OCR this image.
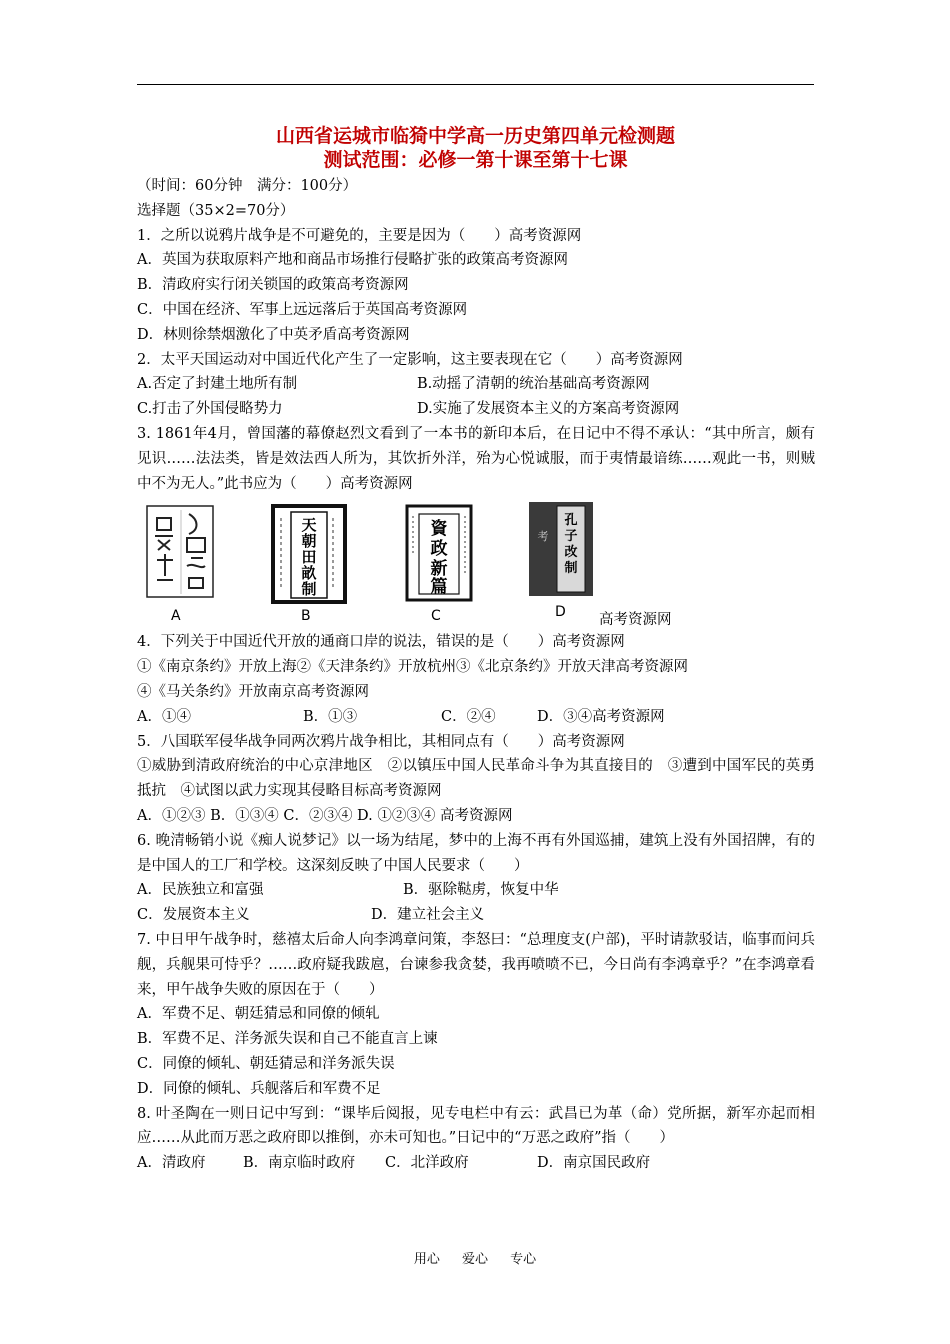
山西省运城市临猗中学高一历史第四单元检测题
测试范围：必修一第十课至第十七课

（时间：60分钟　满分：100分）

选择题（35×2=70分）

1．之所以说鸦片战争是不可避免的，主要是因为（　　）高考资源网

A．英国为获取原料产地和商品市场推行侵略扩张的政策高考资源网

B．清政府实行闭关锁国的政策高考资源网

C．中国在经济、军事上远远落后于英国高考资源网

D．林则徐禁烟激化了中英矛盾高考资源网

2．太平天国运动对中国近代化产生了一定影响，这主要表现在它（　　）高考资源网

A.否定了封建土地所有制	B.动摇了清朝的统治基础高考资源网

C.打击了外国侵略势力	D.实施了发展资本主义的方案高考资源网

3. 1861年4月，曾国藩的幕僚赵烈文看到了一本书的新印本后，在日记中不得不承认：“其中所言，颇有见识……法法类，皆是效法西人所为，其饮折外洋，殆为心悦诚服，而于夷情最谙练……观此一书，则贼中不为无人。”此书应为（　　）高考资源网

A
天
朝
田
畝
制
B
資
政
新
篇
C
孔
子
改
制
考
D 高考资源网

4．下列关于中国近代开放的通商口岸的说法，错误的是（　　）高考资源网

①《南京条约》开放上海②《天津条约》开放杭州③《北京条约》开放天津高考资源网

④《马关条约》开放南京高考资源网

A．①④	B．①③	C．②④	D．③④高考资源网

5．八国联军侵华战争同两次鸦片战争相比，其相同点有（　　）高考资源网

①威胁到清政府统治的中心京津地区　②以镇压中国人民革命斗争为其直接目的　③遭到中国军民的英勇抵抗　④试图以武力实现其侵略目标高考资源网

A．①②③ B．①③④ C．②③④ D. ①②③④ 高考资源网

6. 晚清畅销小说《痴人说梦记》以一场为结尾，梦中的上海不再有外国巡捕，建筑上没有外国招牌，有的是中国人的工厂和学校。这深刻反映了中国人民要求（　　）

A．民族独立和富强	B．驱除鞑虏，恢复中华

C．发展资本主义	D．建立社会主义

7. 中日甲午战争时，慈禧太后命人向李鸿章问策，李怒曰：“总理度支(户部)，平时请款驳诘，临事而问兵舰，兵舰果可恃乎？……政府疑我跋扈，台谏参我贪婪，我再喷喷不已，今日尚有李鸿章乎？”在李鸿章看来，甲午战争失败的原因在于（　　）

A．军费不足、朝廷猜忌和同僚的倾轧

B．军费不足、洋务派失误和自己不能直言上谏

C．同僚的倾轧、朝廷猜忌和洋务派失误

D．同僚的倾轧、兵舰落后和军费不足

8. 叶圣陶在一则日记中写到：“课毕后阅报，见专电栏中有云：武昌已为革（命）党所据，新军亦起而相应……从此而万恶之政府即以推倒，亦未可知也。”日记中的“万恶之政府”指（　　）

A．清政府	B．南京临时政府 C．北洋政府	D．南京国民政府

用心 爱心 专心
